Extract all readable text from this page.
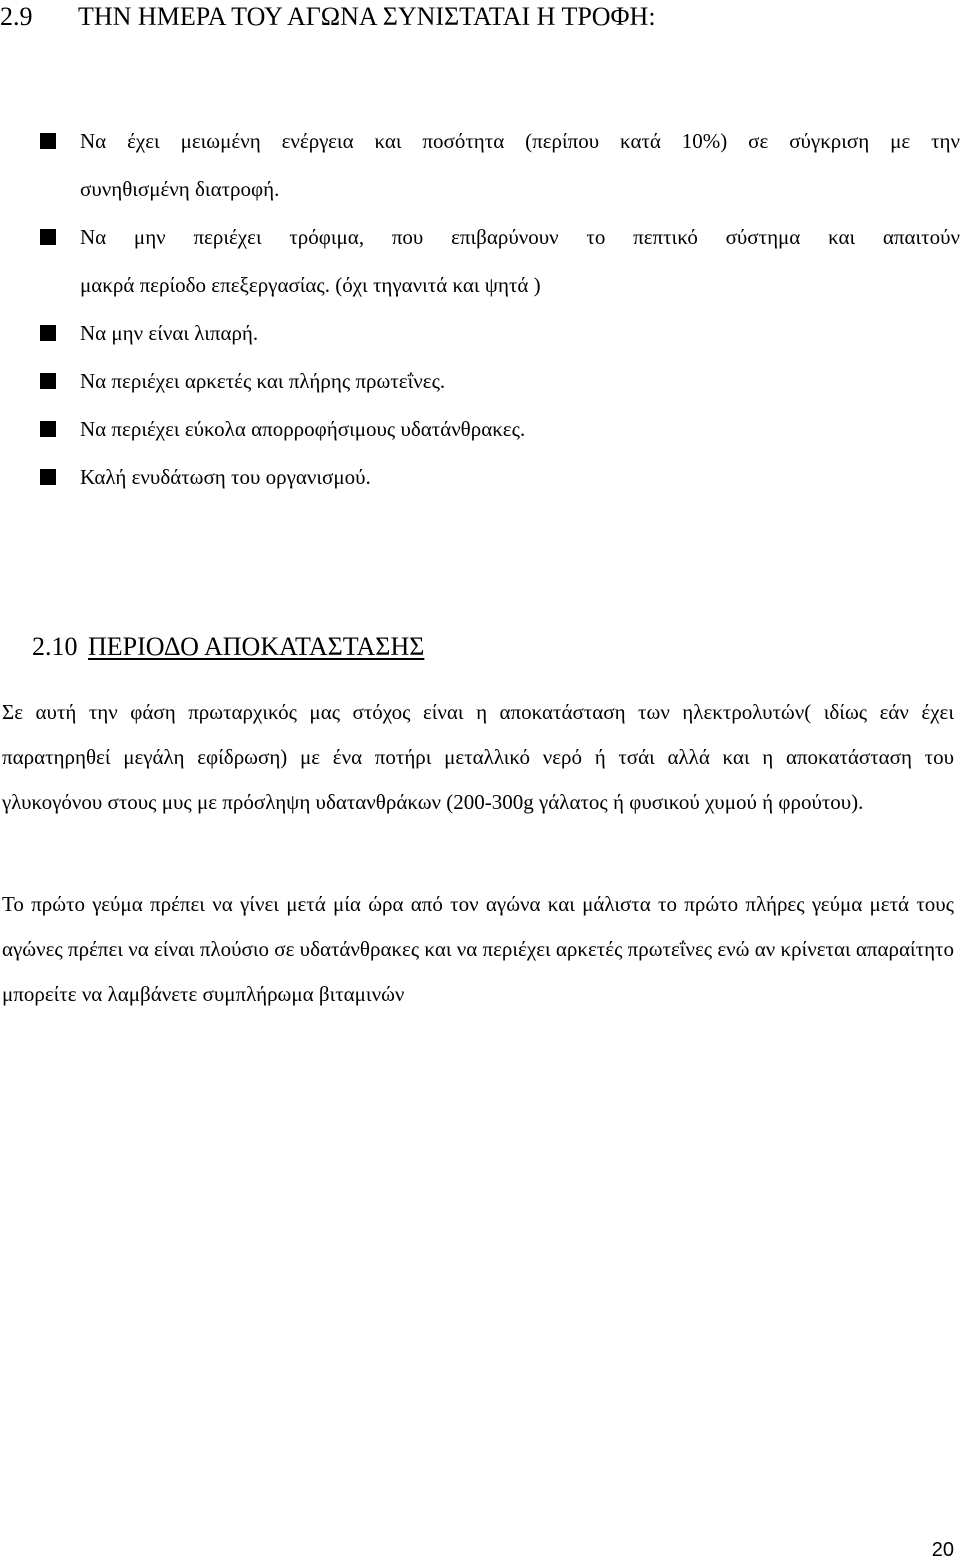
2.9 ΤΗΝ ΗΜΕΡΑ ΤΟΥ ΑΓΩΝΑ ΣΥΝΙΣΤΑΤΑΙ Η ΤΡΟΦΗ:
Να έχει μειωμένη ενέργεια και ποσότητα (περίπου κατά 10%) σε σύγκριση με την
συνηθισμένη διατροφή.
Να μην περιέχει τρόφιμα, που επιβαρύνουν το πεπτικό σύστημα και απαιτούν
μακρά περίοδο επεξεργασίας. (όχι τηγανιτά και ψητά )
Να μην είναι λιπαρή.
Να περιέχει αρκετές και πλήρης πρωτεΐνες.
Να περιέχει εύκολα απορροφήσιμους υδατάνθρακες.
Καλή ενυδάτωση του οργανισμού.
2.10 ΠΕΡΙΟΔΟ ΑΠΟΚΑΤΑΣΤΑΣΗΣ

Σε αυτή την φάση πρωταρχικός μας στόχος είναι η αποκατάσταση των ηλεκτρολυτών( ιδίως εάν έχει παρατηρηθεί μεγάλη εφίδρωση) με ένα ποτήρι μεταλλικό νερό ή τσάι αλλά και η αποκατάσταση του γλυκογόνου στους μυς με πρόσληψη υδατανθράκων (200-300g γάλατος ή φυσικού χυμού ή φρούτου).

Το πρώτο γεύμα πρέπει να γίνει μετά μία ώρα από τον αγώνα και μάλιστα το πρώτο πλήρες γεύμα μετά τους αγώνες πρέπει να είναι πλούσιο σε υδατάνθρακες και να περιέχει αρκετές πρωτεΐνες ενώ αν κρίνεται απαραίτητο μπορείτε να λαμβάνετε συμπλήρωμα βιταμινών

20
